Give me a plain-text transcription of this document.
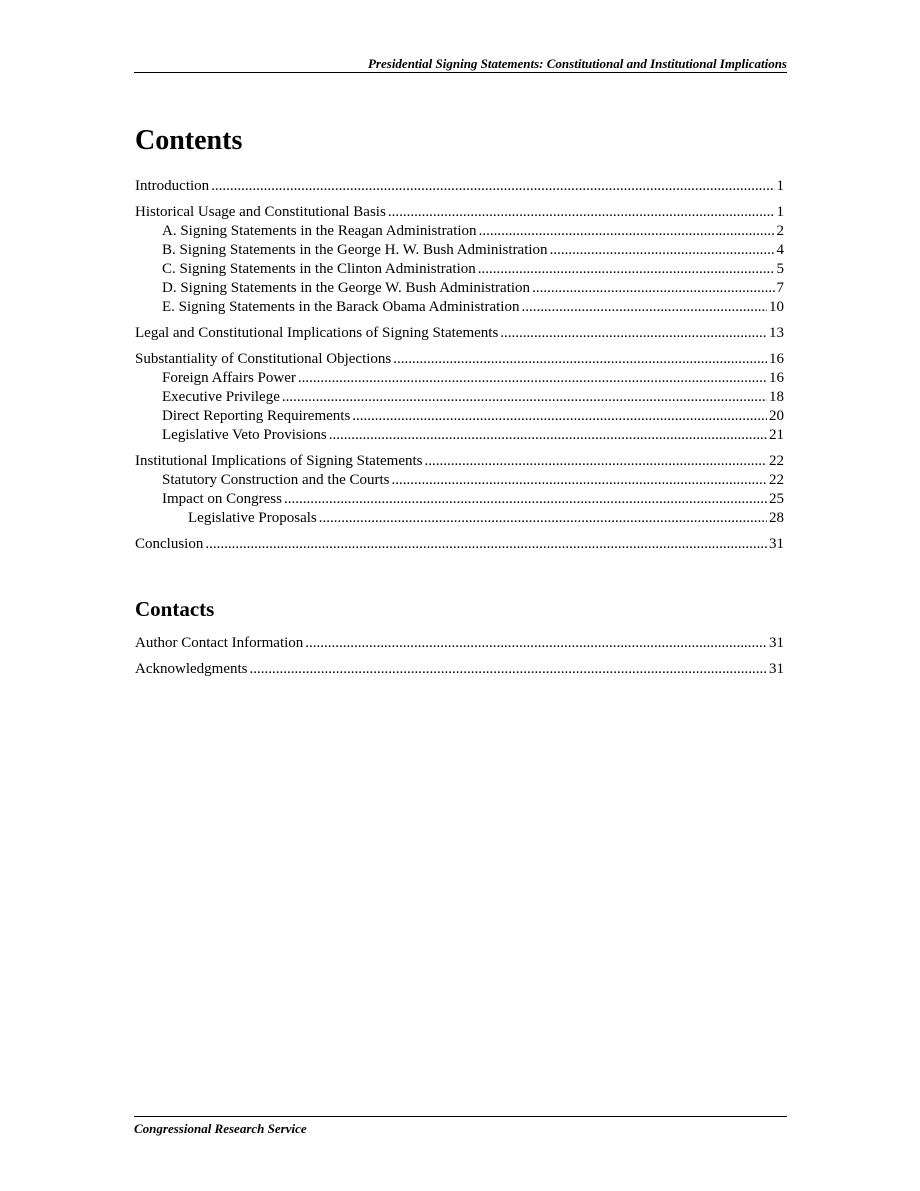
Presidential Signing Statements: Constitutional and Institutional Implications
Contents
Introduction .....	1
Historical Usage and Constitutional Basis .....	1
A. Signing Statements in the Reagan Administration .....	2
B. Signing Statements in the George H. W. Bush Administration .....	4
C. Signing Statements in the Clinton Administration .....	5
D. Signing Statements in the George W. Bush Administration .....	7
E. Signing Statements in the Barack Obama Administration .....	10
Legal and Constitutional Implications of Signing Statements .....	13
Substantiality of Constitutional Objections .....	16
Foreign Affairs Power .....	16
Executive Privilege .....	18
Direct Reporting Requirements .....	20
Legislative Veto Provisions .....	21
Institutional Implications of Signing Statements .....	22
Statutory Construction and the Courts .....	22
Impact on Congress .....	25
Legislative Proposals .....	28
Conclusion .....	31
Contacts
Author Contact Information .....	31
Acknowledgments .....	31
Congressional Research Service
